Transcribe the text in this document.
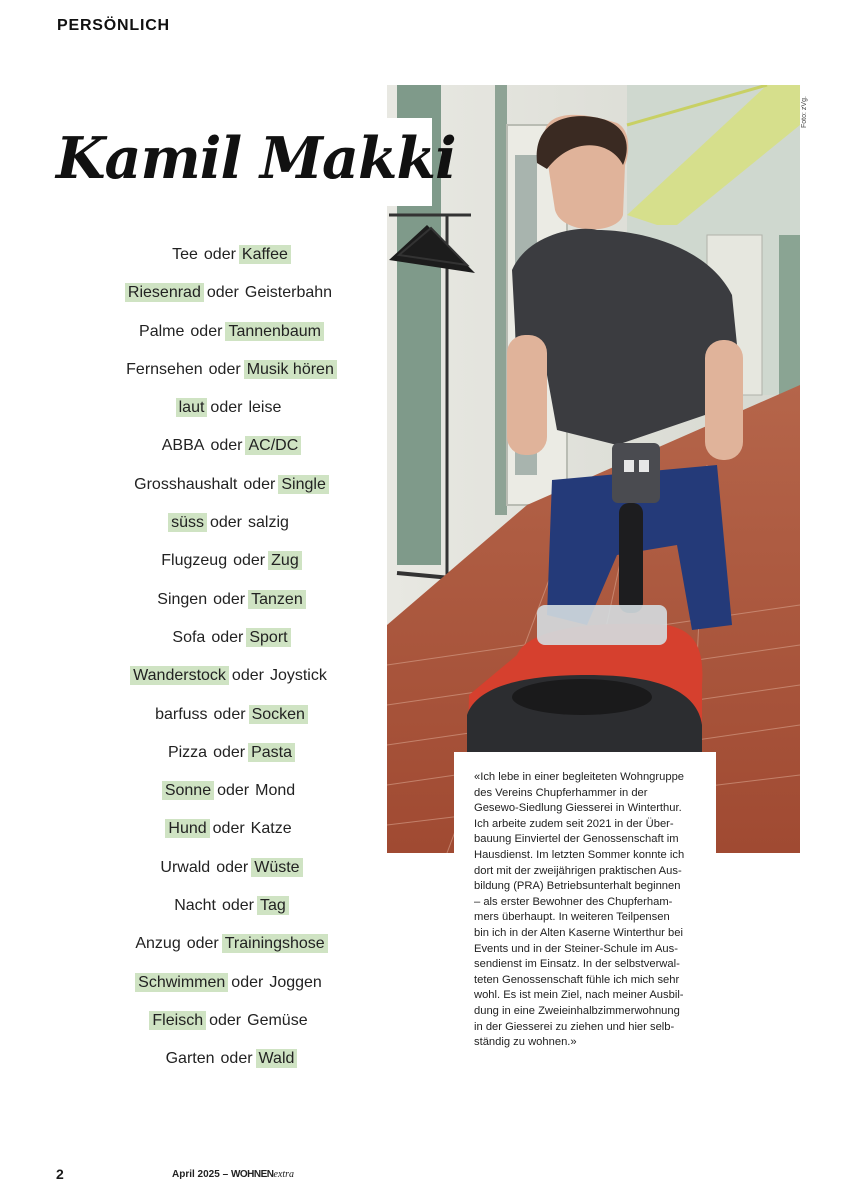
PERSÖNLICH
Foto: zVg.
Kamil Makki
Tee oder Kaffee
Riesenrad oder Geisterbahn
Palme oder Tannenbaum
Fernsehen oder Musik hören
laut oder leise
ABBA oder AC/DC
Grosshaushalt oder Single
süss oder salzig
Flugzeug oder Zug
Singen oder Tanzen
Sofa oder Sport
Wanderstock oder Joystick
barfuss oder Socken
Pizza oder Pasta
Sonne oder Mond
Hund oder Katze
Urwald oder Wüste
Nacht oder Tag
Anzug oder Trainingshose
Schwimmen oder Joggen
Fleisch oder Gemüse
Garten oder Wald

«Ich lebe in einer begleiteten Wohngruppe
des Vereins Chupferhammer in der
Gesewo-Siedlung Giesserei in Winterthur.
Ich arbeite zudem seit 2021 in der Über-
bauung Einviertel der Genossenschaft im
Hausdienst. Im letzten Sommer konnte ich
dort mit der zweijährigen praktischen Aus-
bildung (PRA) Betriebsunterhalt beginnen
– als erster Bewohner des Chupferham-
mers überhaupt. In weiteren Teilpensen
bin ich in der Alten Kaserne Winterthur bei
Events und in der Steiner-Schule im Aus-
sendienst im Einsatz. In der selbstverwal-
teten Genossenschaft fühle ich mich sehr
wohl. Es ist mein Ziel, nach meiner Ausbil-
dung in eine Zweieinhalbzimmerwohnung
in der Giesserei zu ziehen und hier selb-
ständig zu wohnen.»

2	April 2025 – WOHNENextra
